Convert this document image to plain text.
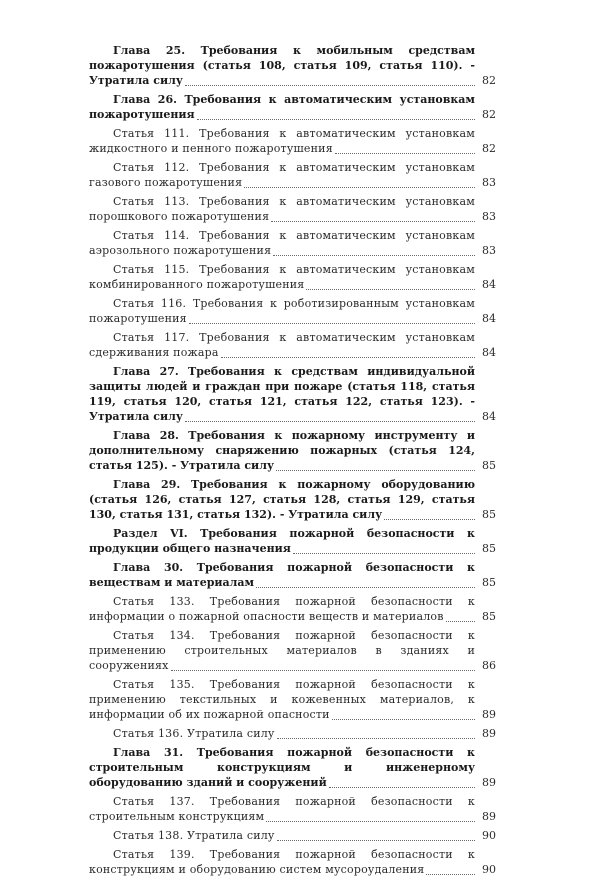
Глава 25. Требования к мобильным средствам пожаротушения (статья 108, статья 109, статья 110). - Утратила силу	82
Глава 26. Требования к автоматическим установкам пожаротушения	82
Статья 111. Требования к автоматическим установкам жидкостного и пенного пожаротушения	82
Статья 112. Требования к автоматическим установкам газового пожаротушения	83
Статья 113. Требования к автоматическим установкам порошкового пожаротушения	83
Статья 114. Требования к автоматическим установкам аэрозольного пожаротушения	83
Статья 115. Требования к автоматическим установкам комбинированного пожаротушения	84
Статья 116. Требования к роботизированным установкам пожаротушения	84
Статья 117. Требования к автоматическим установкам сдерживания пожара	84
Глава 27. Требования к средствам индивидуальной защиты людей и граждан при пожаре (статья 118, статья 119, статья 120, статья 121, статья 122, статья 123). - Утратила силу	84
Глава 28. Требования к пожарному инструменту и дополнительному снаряжению пожарных (статья 124, статья 125). - Утратила силу	85
Глава 29. Требования к пожарному оборудованию (статья 126, статья 127, статья 128, статья 129, статья 130, статья 131, статья 132). - Утратила силу	85
Раздел VI. Требования пожарной безопасности к продукции общего назначения	85
Глава 30. Требования пожарной безопасности к веществам и материалам	85
Статья 133. Требования пожарной безопасности к информации о пожарной опасности веществ и материалов	85
Статья 134. Требования пожарной безопасности к применению строительных материалов в зданиях и сооружениях	86
Статья 135. Требования пожарной безопасности к применению текстильных и кожевенных материалов, к информации об их пожарной опасности	89
Статья 136. Утратила силу	89
Глава 31. Требования пожарной безопасности к строительным конструкциям и инженерному оборудованию зданий и сооружений	89
Статья 137. Требования пожарной безопасности к строительным конструкциям	89
Статья 138. Утратила силу	90
Статья 139. Требования пожарной безопасности к конструкциям и оборудованию систем мусороудаления	90
